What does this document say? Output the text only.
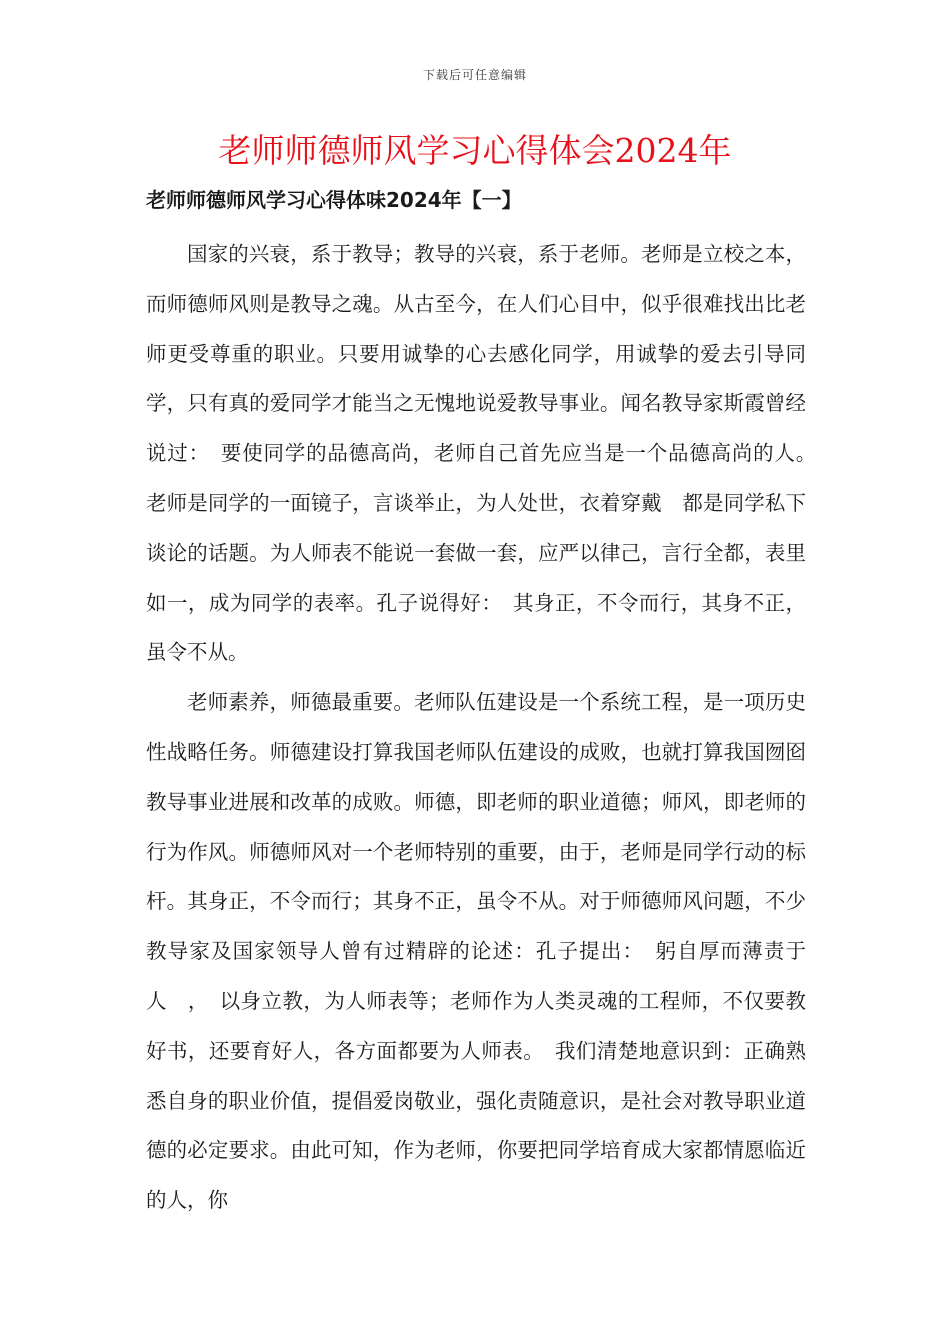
下载后可任意编辑
老师师德师风学习心得体会2024年
老师师德师风学习心得体味2024年【一】

国家的兴衰，系于教导；教导的兴衰，系于老师。老师是立校之本，而师德师风则是教导之魂。从古至今，在人们心目中，似乎很难找出比老师更受尊重的职业。只要用诚挚的心去感化同学，用诚挚的爱去引导同学，只有真的爱同学才能当之无愧地说爱教导事业。闻名教导家斯霞曾经说过：　要使同学的品德高尚，老师自己首先应当是一个品德高尚的人。　老师是同学的一面镜子，言谈举止，为人处世，衣着穿戴　都是同学私下谈论的话题。为人师表不能说一套做一套，应严以律己，言行全都，表里如一，成为同学的表率。孔子说得好：　其身正，不令而行，其身不正，虽令不从。

老师素养，师德最重要。老师队伍建设是一个系统工程，是一项历史性战略任务。师德建设打算我国老师队伍建设的成败，也就打算我国囫囵教导事业进展和改革的成败。师德，即老师的职业道德；师风，即老师的行为作风。师德师风对一个老师特别的重要，由于，老师是同学行动的标杆。其身正，不令而行；其身不正，虽令不从。对于师德师风问题，不少教导家及国家领导人曾有过精辟的论述：孔子提出：　躬自厚而薄责于人　，　以身立教，为人师表等；老师作为人类灵魂的工程师，不仅要教好书，还要育好人，各方面都要为人师表。　我们清楚地意识到：正确熟悉自身的职业价值，提倡爱岗敬业，强化责随意识，是社会对教导职业道德的必定要求。由此可知，作为老师，你要把同学培育成大家都情愿临近的人，你
